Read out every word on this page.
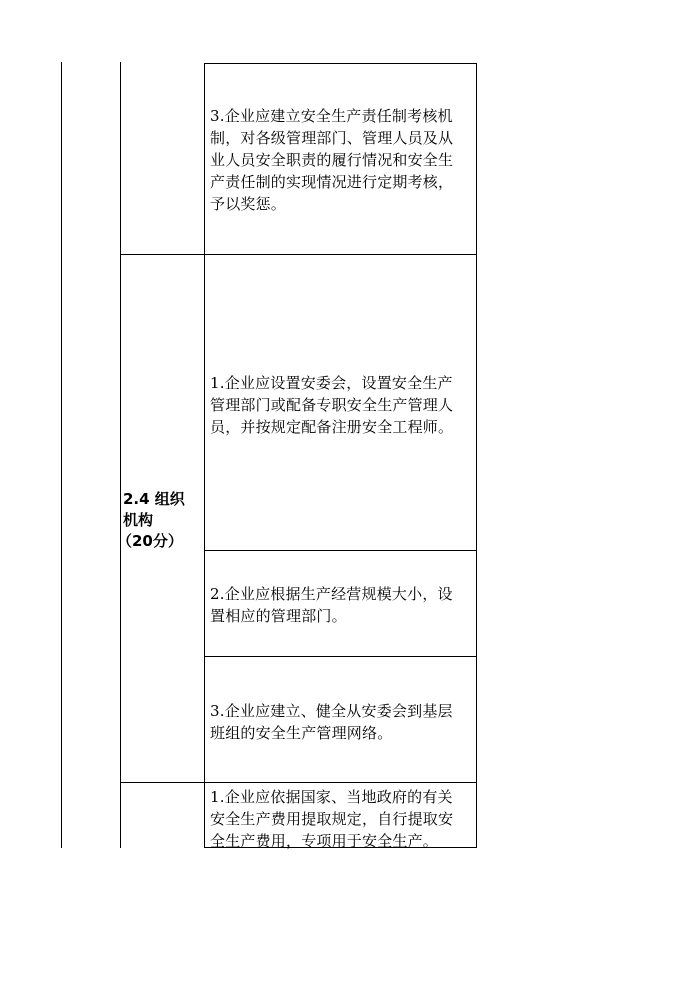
2.4 组织
机构
（20分）
3.企业应建立安全生产责任制考核机
制，对各级管理部门、管理人员及从
业人员安全职责的履行情况和安全生
产责任制的实现情况进行定期考核，
予以奖惩。
1.企业应设置安委会，设置安全生产
管理部门或配备专职安全生产管理人
员，并按规定配备注册安全工程师。
2.企业应根据生产经营规模大小，设
置相应的管理部门。
3.企业应建立、健全从安委会到基层
班组的安全生产管理网络。
1.企业应依据国家、当地政府的有关
安全生产费用提取规定，自行提取安
全生产费用，专项用于安全生产。
